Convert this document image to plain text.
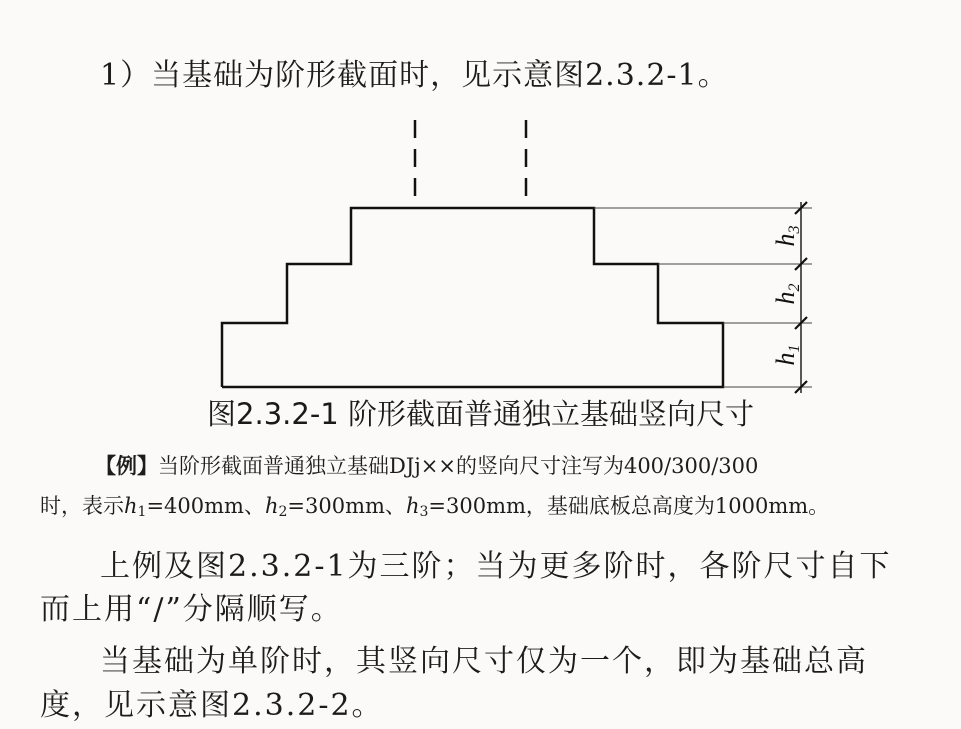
1）当基础为阶形截面时，见示意图2.3.2-1。
h3
h2
h1
图2.3.2-1 阶形截面普通独立基础竖向尺寸
【例】当阶形截面普通独立基础DJj××的竖向尺寸注写为400/300/300
时，表示$h_1=400mm$、$h_2=300mm$、$h_3=300mm$，基础底板总高度为1000mm。
上例及图2.3.2-1为三阶；当为更多阶时，各阶尺寸自下
而上用“/”分隔顺写。
当基础为单阶时，其竖向尺寸仅为一个，即为基础总高
度，见示意图2.3.2-2。
